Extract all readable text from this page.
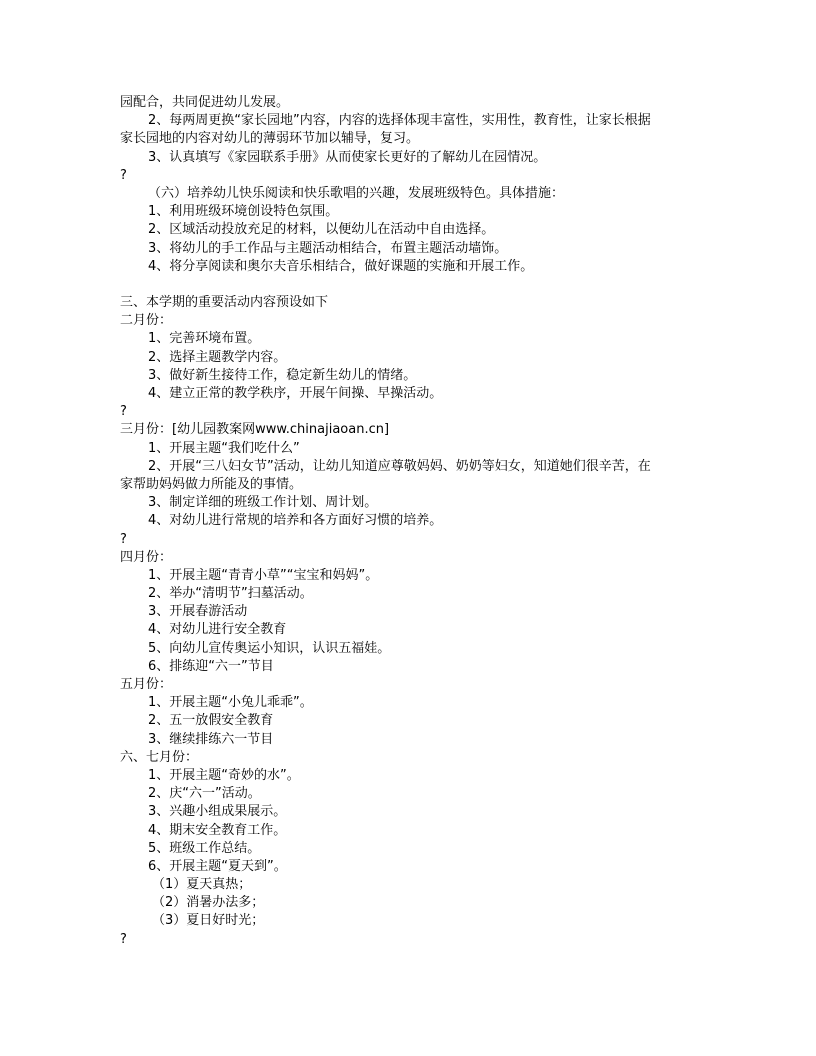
园配合，共同促进幼儿发展。
2、每两周更换“家长园地”内容，内容的选择体现丰富性，实用性，教育性，让家长根据
家长园地的内容对幼儿的薄弱环节加以辅导，复习。
3、认真填写《家园联系手册》从而使家长更好的了解幼儿在园情况。
?
（六）培养幼儿快乐阅读和快乐歌唱的兴趣，发展班级特色。具体措施：
1、利用班级环境创设特色氛围。
2、区域活动投放充足的材料，以便幼儿在活动中自由选择。
3、将幼儿的手工作品与主题活动相结合，布置主题活动墙饰。
4、将分享阅读和奥尔夫音乐相结合，做好课题的实施和开展工作。
三、本学期的重要活动内容预设如下
二月份：
1、完善环境布置。
2、选择主题教学内容。
3、做好新生接待工作，稳定新生幼儿的情绪。
4、建立正常的教学秩序，开展午间操、早操活动。
?
三月份：[幼儿园教案网www.chinajiaoan.cn]
1、开展主题“我们吃什么”
2、开展“三八妇女节”活动，让幼儿知道应尊敬妈妈、奶奶等妇女，知道她们很辛苦，在
家帮助妈妈做力所能及的事情。
3、制定详细的班级工作计划、周计划。
4、对幼儿进行常规的培养和各方面好习惯的培养。
?
四月份：
1、开展主题“青青小草”“宝宝和妈妈”。
2、举办“清明节”扫墓活动。
3、开展春游活动
4、对幼儿进行安全教育
5、向幼儿宣传奥运小知识，认识五福娃。
6、排练迎“六一”节目
五月份：
1、开展主题“小兔儿乖乖”。
2、五一放假安全教育
3、继续排练六一节目
六、七月份：
1、开展主题“奇妙的水”。
2、庆“六一”活动。
3、兴趣小组成果展示。
4、期末安全教育工作。
5、班级工作总结。
6、开展主题“夏天到”。
（1）夏天真热；
（2）消暑办法多；
（3）夏日好时光；
?
